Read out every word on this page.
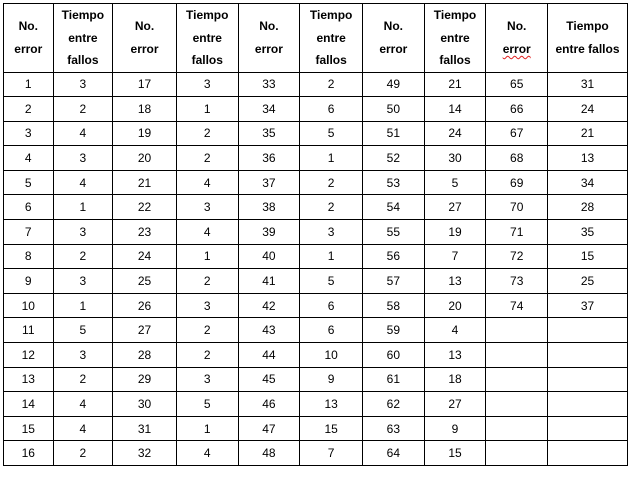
No.
error	Tiempo
entre
fallos	No.
error	Tiempo
entre
fallos	No.
error	Tiempo
entre
fallos	No.
error	Tiempo
entre
fallos	No.
error	Tiempo
entre fallos

1	3	17	3	33	2	49	21	65	31
2	2	18	1	34	6	50	14	66	24
3	4	19	2	35	5	51	24	67	21
4	3	20	2	36	1	52	30	68	13
5	4	21	4	37	2	53	5	69	34
6	1	22	3	38	2	54	27	70	28
7	3	23	4	39	3	55	19	71	35
8	2	24	1	40	1	56	7	72	15
9	3	25	2	41	5	57	13	73	25
10	1	26	3	42	6	58	20	74	37
11	5	27	2	43	6	59	4		
12	3	28	2	44	10	60	13		
13	2	29	3	45	9	61	18		
14	4	30	5	46	13	62	27		
15	4	31	1	47	15	63	9		
16	2	32	4	48	7	64	15		
